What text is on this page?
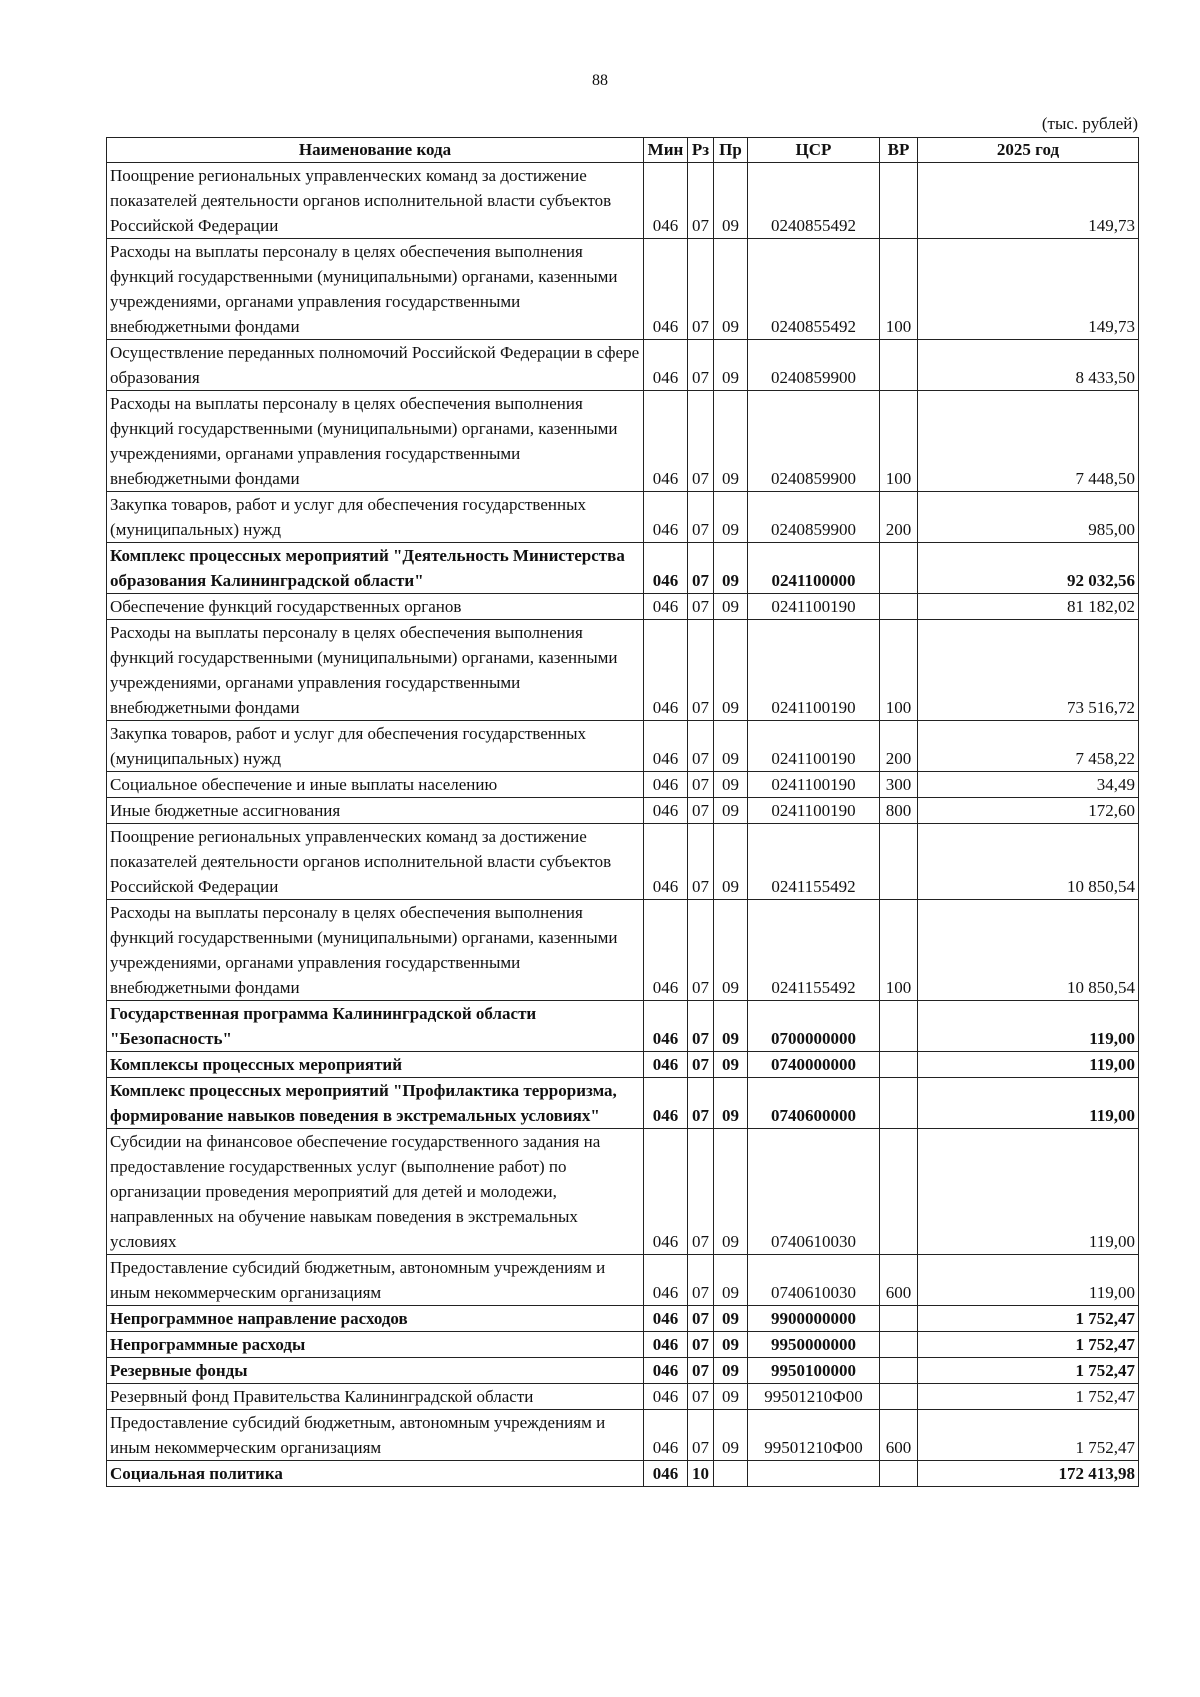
88
(тыс. рублей)
Наименование кода	Мин	Рз	Пр	ЦСР	ВР	2025 год
Поощрение региональных управленческих команд за достижение показателей деятельности органов исполнительной власти субъектов Российской Федерации	046	07	09	0240855492		149,73
Расходы на выплаты персоналу в целях обеспечения выполнения функций государственными (муниципальными) органами, казенными учреждениями, органами управления государственными внебюджетными фондами	046	07	09	0240855492	100	149,73
Осуществление переданных полномочий Российской Федерации в сфере образования	046	07	09	0240859900		8 433,50
Расходы на выплаты персоналу в целях обеспечения выполнения функций государственными (муниципальными) органами, казенными учреждениями, органами управления государственными внебюджетными фондами	046	07	09	0240859900	100	7 448,50
Закупка товаров, работ и услуг для обеспечения государственных (муниципальных) нужд	046	07	09	0240859900	200	985,00
Комплекс процессных мероприятий "Деятельность Министерства образования Калининградской области"	046	07	09	0241100000		92 032,56
Обеспечение функций государственных органов	046	07	09	0241100190		81 182,02
Расходы на выплаты персоналу в целях обеспечения выполнения функций государственными (муниципальными) органами, казенными учреждениями, органами управления государственными внебюджетными фондами	046	07	09	0241100190	100	73 516,72
Закупка товаров, работ и услуг для обеспечения государственных (муниципальных) нужд	046	07	09	0241100190	200	7 458,22
Социальное обеспечение и иные выплаты населению	046	07	09	0241100190	300	34,49
Иные бюджетные ассигнования	046	07	09	0241100190	800	172,60
Поощрение региональных управленческих команд за достижение показателей деятельности органов исполнительной власти субъектов Российской Федерации	046	07	09	0241155492		10 850,54
Расходы на выплаты персоналу в целях обеспечения выполнения функций государственными (муниципальными) органами, казенными учреждениями, органами управления государственными внебюджетными фондами	046	07	09	0241155492	100	10 850,54
Государственная программа Калининградской области "Безопасность"	046	07	09	0700000000		119,00
Комплексы процессных мероприятий	046	07	09	0740000000		119,00
Комплекс процессных мероприятий "Профилактика терроризма, формирование навыков поведения в экстремальных условиях"	046	07	09	0740600000		119,00
Субсидии на финансовое обеспечение государственного задания на предоставление государственных услуг (выполнение работ) по организации проведения мероприятий для детей и молодежи, направленных на обучение навыкам поведения в экстремальных условиях	046	07	09	0740610030		119,00
Предоставление субсидий бюджетным, автономным учреждениям и иным некоммерческим организациям	046	07	09	0740610030	600	119,00
Непрограммное направление расходов	046	07	09	9900000000		1 752,47
Непрограммные расходы	046	07	09	9950000000		1 752,47
Резервные фонды	046	07	09	9950100000		1 752,47
Резервный фонд Правительства Калининградской области	046	07	09	99501210Ф00		1 752,47
Предоставление субсидий бюджетным, автономным учреждениям и иным некоммерческим организациям	046	07	09	99501210Ф00	600	1 752,47
Социальная политика	046	10				172 413,98
